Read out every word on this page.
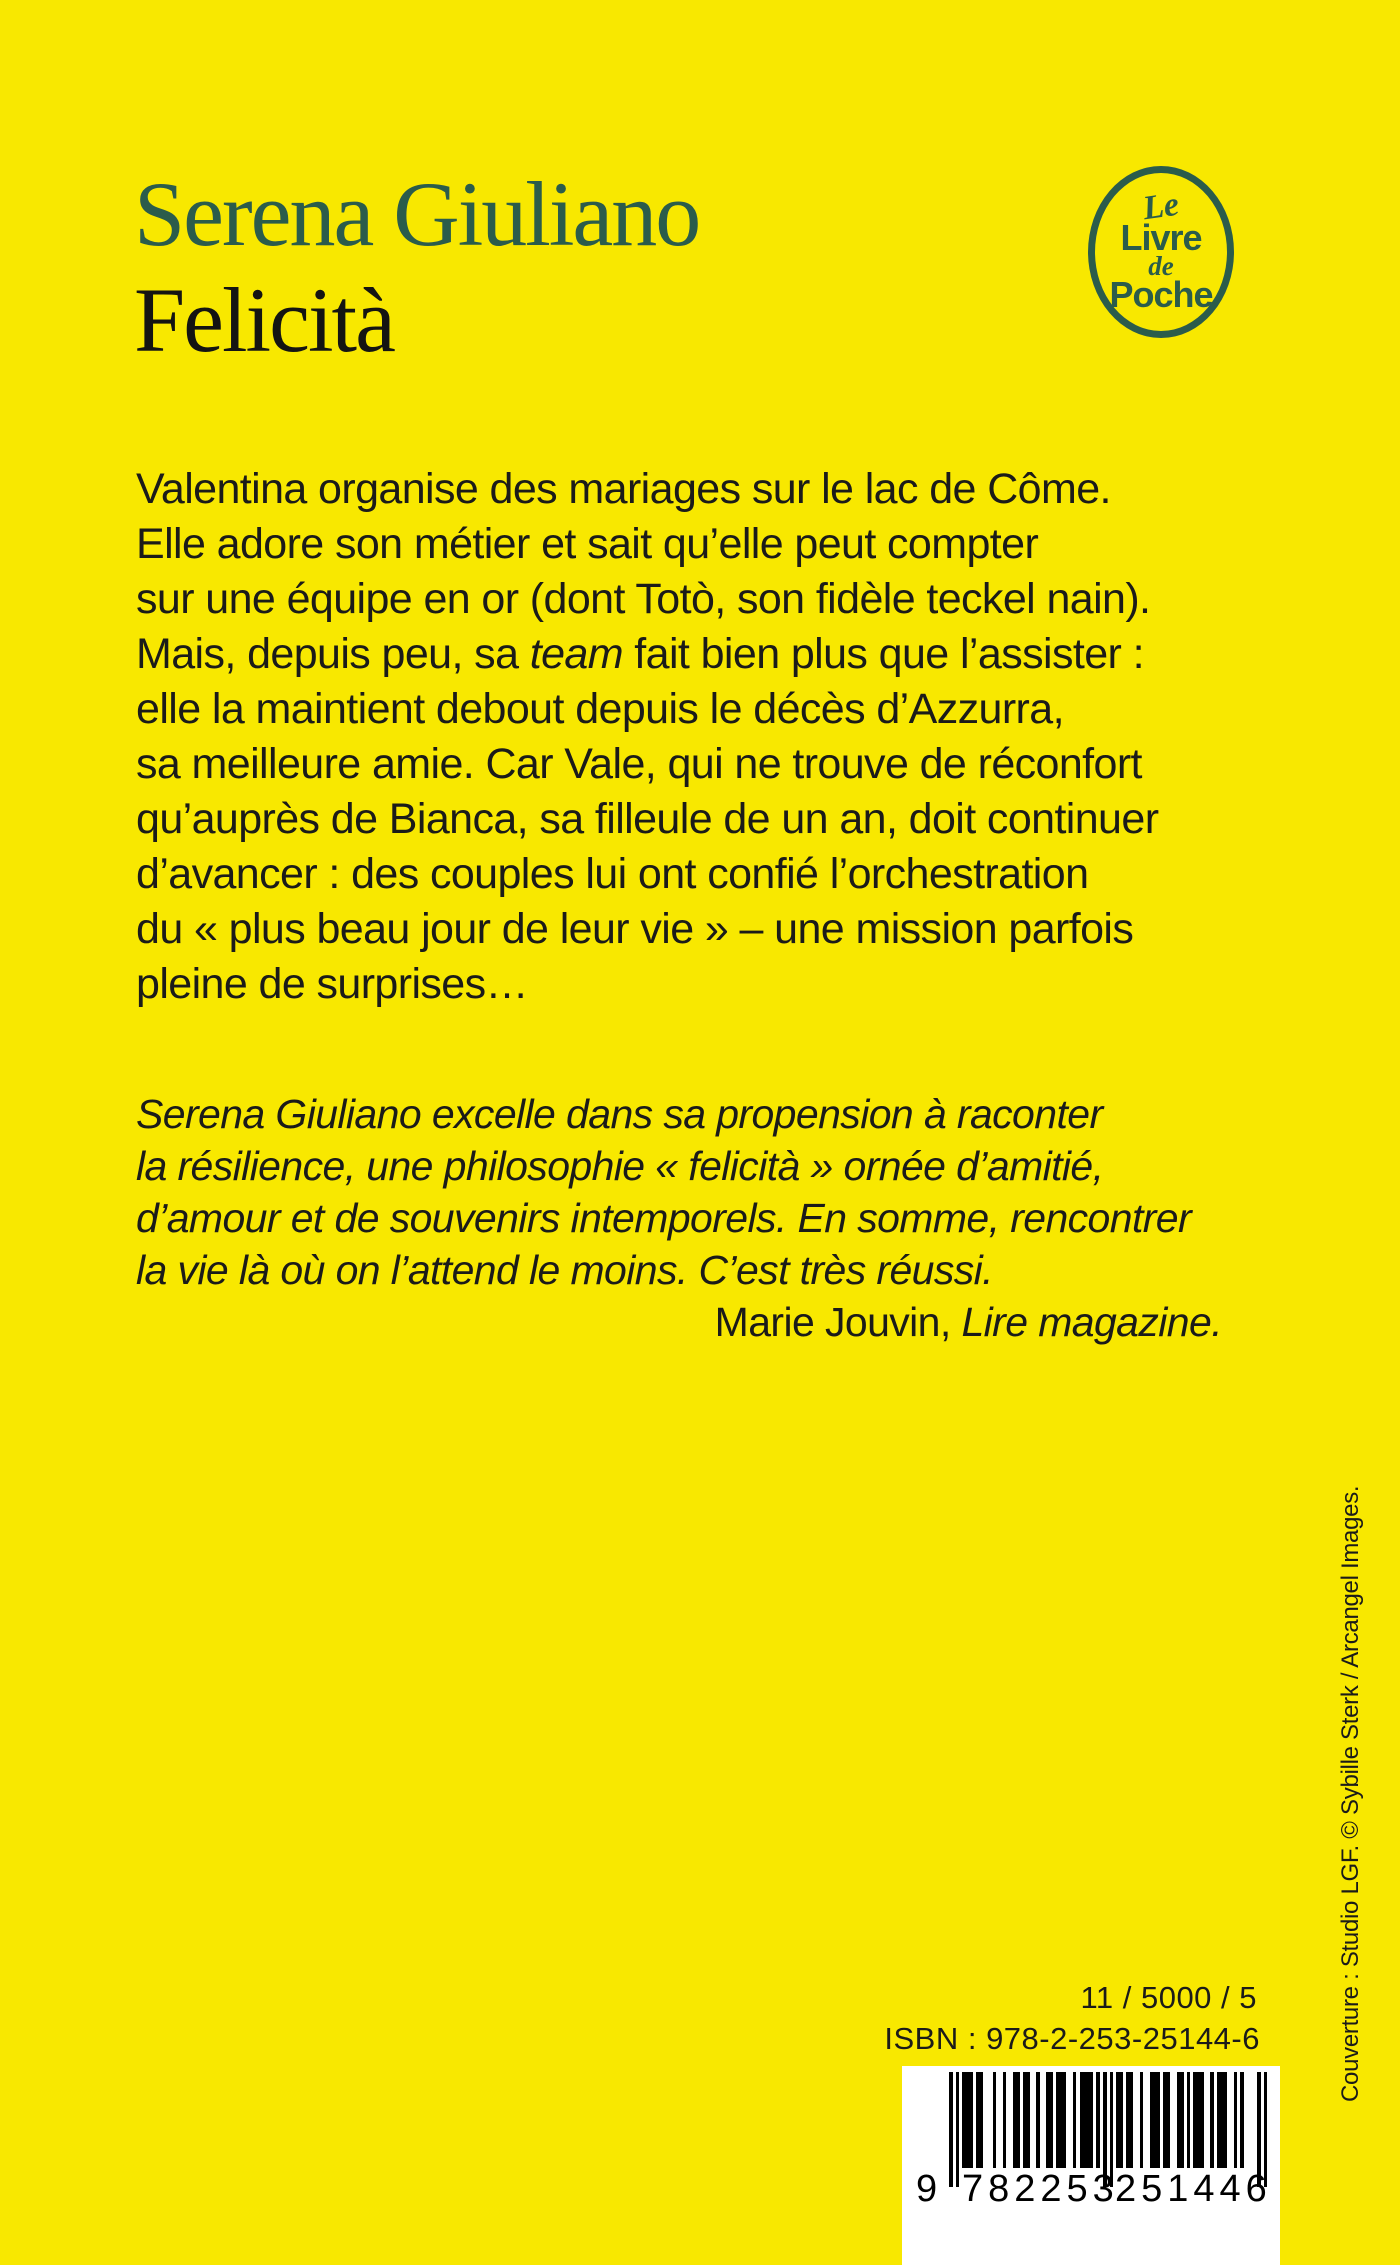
Serena Giuliano
Felicità
Le
Livre
de
Poche
Valentina organise des mariages sur le lac de Côme.
Elle adore son métier et sait qu’elle peut compter
sur une équipe en or (dont Totò, son fidèle teckel nain).
Mais, depuis peu, sa team fait bien plus que l’assister :
elle la maintient debout depuis le décès d’Azzurra,
sa meilleure amie. Car Vale, qui ne trouve de réconfort
qu’auprès de Bianca, sa filleule de un an, doit continuer
d’avancer : des couples lui ont confié l’orchestration
du « plus beau jour de leur vie » – une mission parfois
pleine de surprises…
Serena Giuliano excelle dans sa propension à raconter
la résilience, une philosophie « felicità » ornée d’amitié,
d’amour et de souvenirs intemporels. En somme, rencontrer
la vie là où on l’attend le moins. C’est très réussi.
Marie Jouvin, Lire magazine.
Couverture : Studio LGF. © Sybille Sterk / Arcangel Images.
11 / 5000 / 5
ISBN : 978-2-253-25144-6
9 782253
251446
